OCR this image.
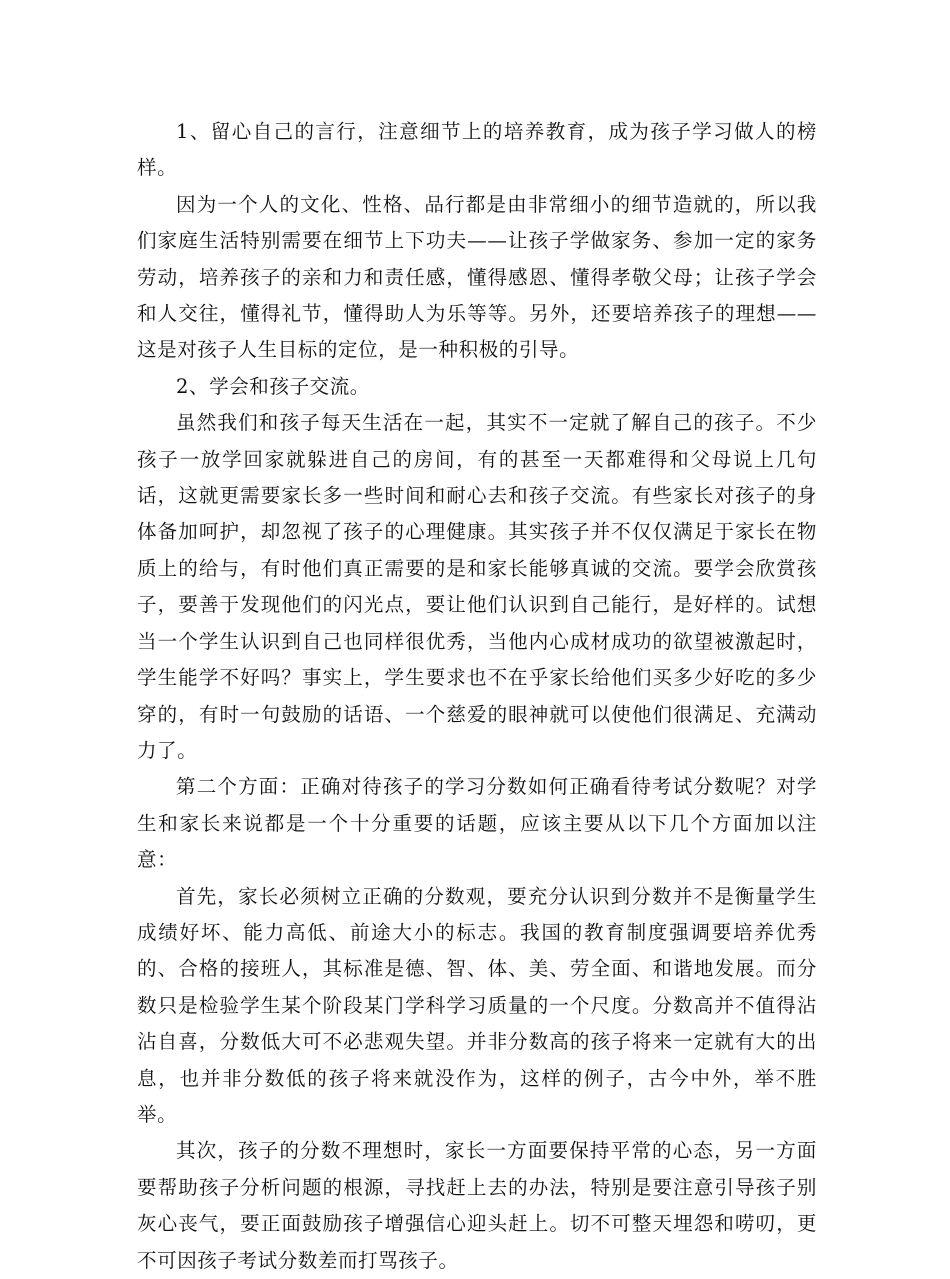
1、留心自己的言行，注意细节上的培养教育，成为孩子学习做人的榜样。

因为一个人的文化、性格、品行都是由非常细小的细节造就的，所以我们家庭生活特别需要在细节上下功夫——让孩子学做家务、参加一定的家务劳动，培养孩子的亲和力和责任感，懂得感恩、懂得孝敬父母；让孩子学会和人交往，懂得礼节，懂得助人为乐等等。另外，还要培养孩子的理想——这是对孩子人生目标的定位，是一种积极的引导。

2、学会和孩子交流。

虽然我们和孩子每天生活在一起，其实不一定就了解自己的孩子。不少孩子一放学回家就躲进自己的房间，有的甚至一天都难得和父母说上几句话，这就更需要家长多一些时间和耐心去和孩子交流。有些家长对孩子的身体备加呵护，却忽视了孩子的心理健康。其实孩子并不仅仅满足于家长在物质上的给与，有时他们真正需要的是和家长能够真诚的交流。要学会欣赏孩子，要善于发现他们的闪光点，要让他们认识到自己能行，是好样的。试想当一个学生认识到自己也同样很优秀，当他内心成材成功的欲望被激起时，学生能学不好吗？事实上，学生要求也不在乎家长给他们买多少好吃的多少穿的，有时一句鼓励的话语、一个慈爱的眼神就可以使他们很满足、充满动力了。

第二个方面：正确对待孩子的学习分数如何正确看待考试分数呢？对学生和家长来说都是一个十分重要的话题，应该主要从以下几个方面加以注意：

首先，家长必须树立正确的分数观，要充分认识到分数并不是衡量学生成绩好坏、能力高低、前途大小的标志。我国的教育制度强调要培养优秀的、合格的接班人，其标准是德、智、体、美、劳全面、和谐地发展。而分数只是检验学生某个阶段某门学科学习质量的一个尺度。分数高并不值得沾沾自喜，分数低大可不必悲观失望。并非分数高的孩子将来一定就有大的出息，也并非分数低的孩子将来就没作为，这样的例子，古今中外，举不胜举。

其次，孩子的分数不理想时，家长一方面要保持平常的心态，另一方面要帮助孩子分析问题的根源，寻找赶上去的办法，特别是要注意引导孩子别灰心丧气，要正面鼓励孩子增强信心迎头赶上。切不可整天埋怨和唠叨，更不可因孩子考试分数差而打骂孩子。
